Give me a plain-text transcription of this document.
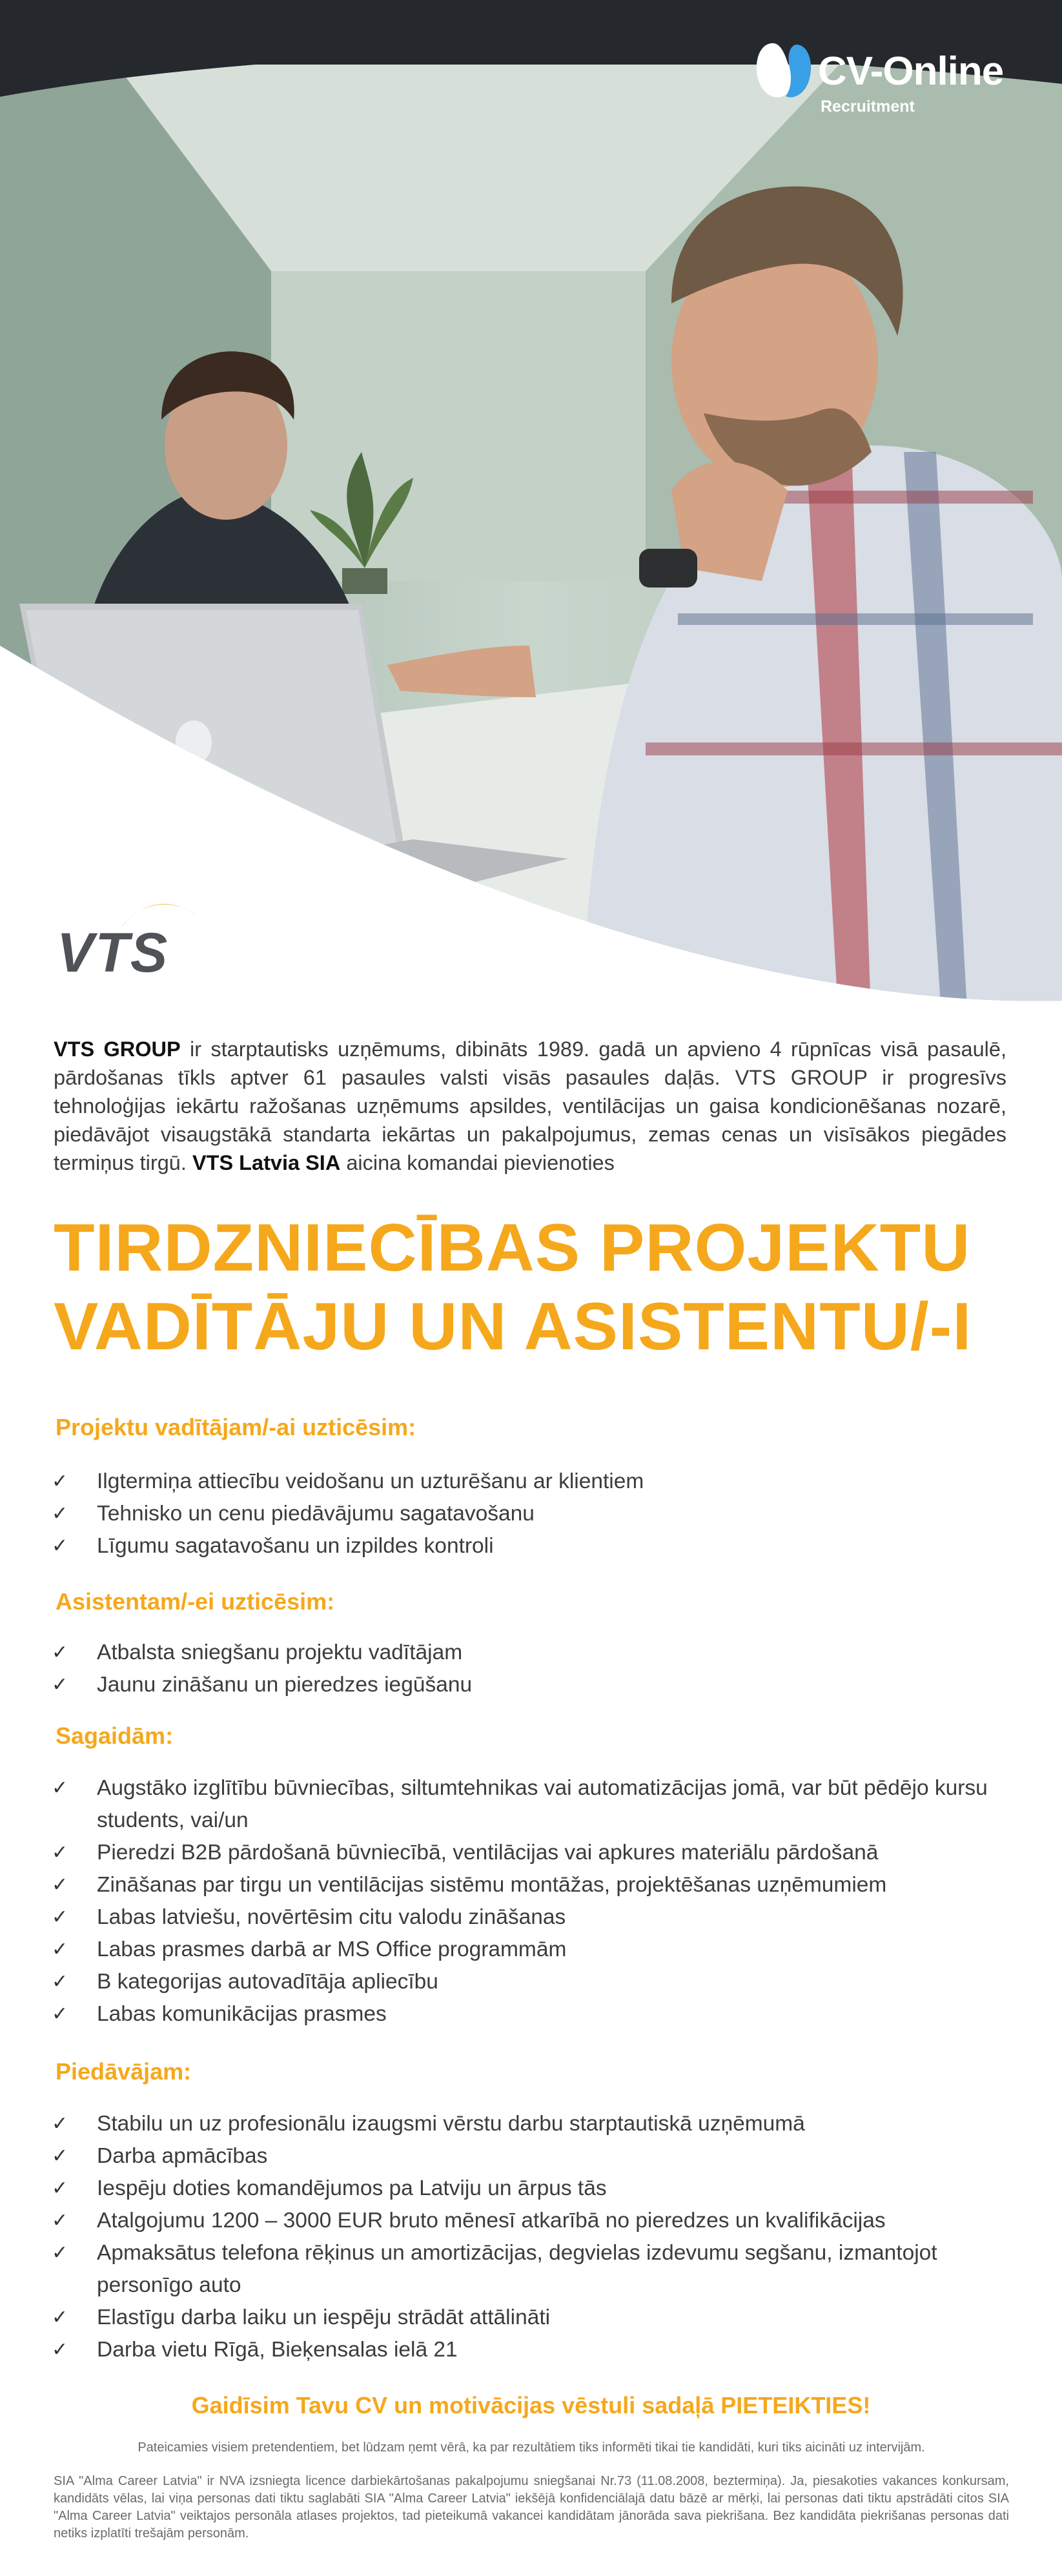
CV-Online
Recruitment
VTS
VTS GROUP ir starptautisks uzņēmums, dibināts 1989. gadā un apvieno 4 rūpnīcas visā pasaulē, pārdošanas tīkls aptver 61 pasaules valsti visās pasaules daļās. VTS GROUP ir progresīvs tehnoloģijas iekārtu ražošanas uzņēmums apsildes, ventilācijas un gaisa kondicionēšanas nozarē, piedāvājot visaugstākā standarta iekārtas un pakalpojumus, zemas cenas un visīsākos piegādes termiņus tirgū. VTS Latvia SIA aicina komandai pievienoties
TIRDZNIECĪBAS PROJEKTU
VADĪTĀJU UN ASISTENTU/-I
Projektu vadītājam/-ai uzticēsim:
✓	Ilgtermiņa attiecību veidošanu un uzturēšanu ar klientiem
✓	Tehnisko un cenu piedāvājumu sagatavošanu
✓	Līgumu sagatavošanu un izpildes kontroli
Asistentam/-ei uzticēsim:
✓	Atbalsta sniegšanu projektu vadītājam
✓	Jaunu zināšanu un pieredzes iegūšanu
Sagaidām:
✓	Augstāko izglītību būvniecības, siltumtehnikas vai automatizācijas jomā, var būt pēdējo kursu students, vai/un
✓	Pieredzi B2B pārdošanā būvniecībā, ventilācijas vai apkures materiālu pārdošanā
✓	Zināšanas par tirgu un ventilācijas sistēmu montāžas, projektēšanas uzņēmumiem
✓	Labas latviešu, novērtēsim citu valodu zināšanas
✓	Labas prasmes darbā ar MS Office programmām
✓	B kategorijas autovadītāja apliecību
✓	Labas komunikācijas prasmes
Piedāvājam:
✓	Stabilu un uz profesionālu izaugsmi vērstu darbu starptautiskā uzņēmumā
✓	Darba apmācības
✓	Iespēju doties komandējumos pa Latviju un ārpus tās
✓	Atalgojumu 1200 – 3000 EUR bruto mēnesī atkarībā no pieredzes un kvalifikācijas
✓	Apmaksātus telefona rēķinus un amortizācijas, degvielas izdevumu segšanu, izmantojot personīgo auto
✓	Elastīgu darba laiku un iespēju strādāt attālināti
✓	Darba vietu Rīgā, Bieķensalas ielā 21
Gaidīsim Tavu CV un motivācijas vēstuli sadaļā PIETEIKTIES!
Pateicamies visiem pretendentiem, bet lūdzam ņemt vērā, ka par rezultātiem tiks informēti tikai tie kandidāti, kuri tiks aicināti uz intervijām.
SIA "Alma Career Latvia" ir NVA izsniegta licence darbiekārtošanas pakalpojumu sniegšanai Nr.73 (11.08.2008, beztermiņa). Ja, piesakoties vakances konkursam, kandidāts vēlas, lai viņa personas dati tiktu saglabāti SIA "Alma Career Latvia" iekšējā konfidenciālajā datu bāzē ar mērķi, lai personas dati tiktu apstrādāti citos SIA "Alma Career Latvia" veiktajos personāla atlases projektos, tad pieteikumā vakancei kandidātam jānorāda sava piekrišana. Bez kandidāta piekrišanas personas dati netiks izplatīti trešajām personām.
